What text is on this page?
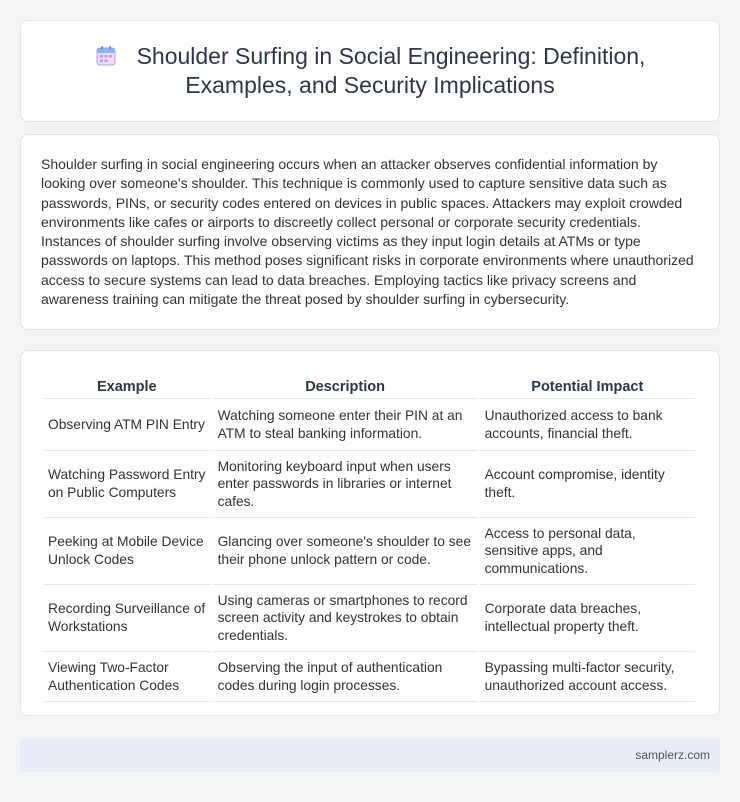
Shoulder Surfing in Social Engineering: Definition, Examples, and Security Implications

Shoulder surfing in social engineering occurs when an attacker observes confidential information by looking over someone's shoulder. This technique is commonly used to capture sensitive data such as passwords, PINs, or security codes entered on devices in public spaces. Attackers may exploit crowded environments like cafes or airports to discreetly collect personal or corporate security credentials. Instances of shoulder surfing involve observing victims as they input login details at ATMs or type passwords on laptops. This method poses significant risks in corporate environments where unauthorized access to secure systems can lead to data breaches. Employing tactics like privacy screens and awareness training can mitigate the threat posed by shoulder surfing in cybersecurity.

Example	Description	Potential Impact
Observing ATM PIN Entry	Watching someone enter their PIN at an ATM to steal banking information.	Unauthorized access to bank accounts, financial theft.
Watching Password Entry on Public Computers	Monitoring keyboard input when users enter passwords in libraries or internet cafes.	Account compromise, identity theft.
Peeking at Mobile Device Unlock Codes	Glancing over someone's shoulder to see their phone unlock pattern or code.	Access to personal data, sensitive apps, and communications.
Recording Surveillance of Workstations	Using cameras or smartphones to record screen activity and keystrokes to obtain credentials.	Corporate data breaches, intellectual property theft.
Viewing Two-Factor Authentication Codes	Observing the input of authentication codes during login processes.	Bypassing multi-factor security, unauthorized account access.
samplerz.com
